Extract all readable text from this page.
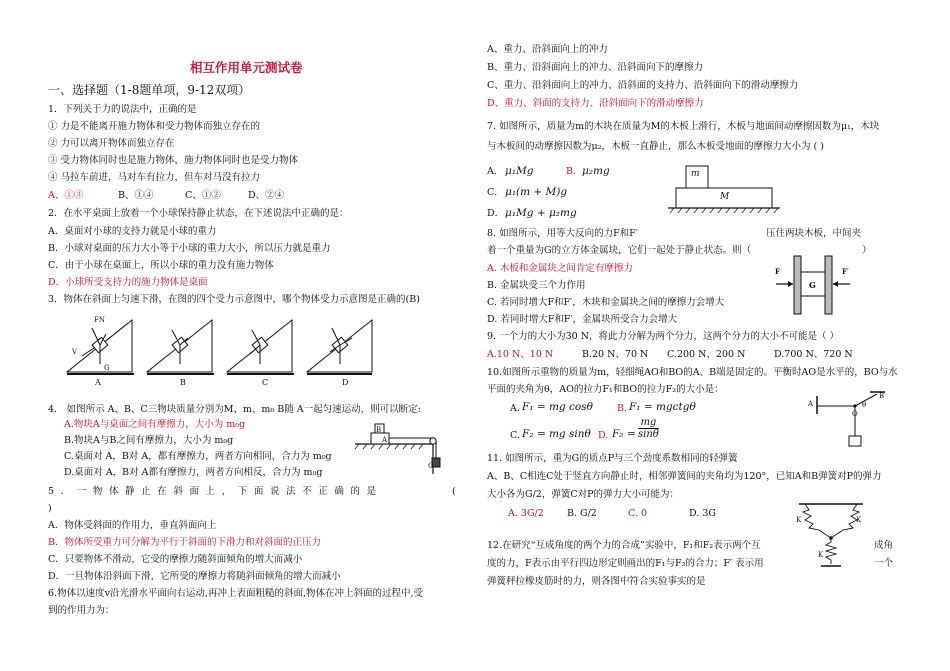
相互作用单元测试卷
一、选择题（1-8题单项，9-12双项）
1．下列关于力的说法中，正确的是
① 力是不能离开施力物体和受力物体而独立存在的
② 力可以离开物体而独立存在
③ 受力物体同时也是施力物体，施力物体同时也是受力物体
④ 马拉车前进，马对车有拉力，但车对马没有拉力
A、①③	B、①④	C、①②	D、②④
2．在水平桌面上放着一个小球保持静止状态，在下述说法中正确的是：
A．桌面对小球的支持力就是小球的重力
B．小球对桌面的压力大小等于小球的重力大小，所以压力就是重力
C．由于小球在桌面上，所以小球的重力没有施力物体
D．小球所受支持力的施力物体是桌面
3．物体在斜面上匀速下滑，在图的四个受力示意图中，哪个物体受力示意图是正确的(B)
FN
V
G
A	B	C	D
4． 如图所示 A、B、C三物块质量分别为M、m、m₀ B随 A一起匀速运动，则可以断定:
A.物块A与桌面之间有摩擦力，大小为 m₀g
B.物块A与B之间有摩擦力，大小为 m₀g
C.桌面对 A，B对 A，都有摩擦力，两者方向相同，合力为 m₀g
D.桌面对 A，B对 A都有摩擦力，两者方向相反，合力为 m₀g
B
A
C
5．一物体静止在斜面上，下面说法不正确的是	(
)
A．物体受斜面的作用力，垂直斜面向上
B．物体所受重力可分解为平行于斜面的下滑力和对斜面的正压力
C．只要物体不滑动，它受的摩擦力随斜面倾角的增大而减小
D．一旦物体沿斜面下滑，它所受的摩擦力将随斜面倾角的增大而减小
6.物体以速度v沿光滑水平面向右运动,再冲上表面粗糙的斜面,物体在冲上斜面的过程中,受
到的作用力为：
A、重力、沿斜面向上的冲力
B、重力、沿斜面向上的冲力、沿斜面向下的摩擦力
C、重力、沿斜面向上的冲力、沿斜面的支持力、沿斜面向下的滑动摩擦力
D、重力、斜面的支持力、沿斜面向下的滑动摩擦力
7. 如图所示，质量为m的木块在质量为M的木板上滑行，木板与地面间动摩擦因数为μ₁，木块
与木板间的动摩擦因数为μ₂，木板一直静止，那么木板受地面的摩擦力大小为 ( )
A． μ₁Mg	B． μ₂mg
C． μ₁(m + M)g
D． μ₁Mg + μ₂mg
m
M
8. 如图所示，用等大反向的力F和F′	压住两块木板，中间夹
着一个重量为G的立方体金属块，它们一起处于静止状态。则（	）
A. 木板和金属块之间肯定有摩擦力
B. 金属块受三个力作用
C. 若同时增大F和F′，木块和金属块之间的摩擦力会增大
D. 若同时增大F和F′，金属块所受合力会增大
F	F′
G
9. 一个力的大小为30 N，将此力分解为两个分力，这两个分力的大小不可能是（ ）
A.10 N、10 N	B.20 N、70 N C.200 N、200 N	D.700 N、720 N
10.如图所示重物的质量为m，轻细绳AO和BO的A、B端是固定的。平衡时AO是水平的，BO与水
平面的夹角为θ，AO的拉力F₁和BO的拉力F₂的大小是：
A. F₁ = mg cosθ	B. F₁ = mgctgθ
C. F₂ = mg sinθ D. $F_2 = \frac{mg}{\sin\theta}$
A
O
B
θ
11. 如图所示，重为G的质点P与三个劲度系数相同的轻弹簧
A、B、C相连C处于竖直方向静止时，相邻弹簧间的夹角均为120°，已知A和B弹簧对P的弹力
大小各为G/2，弹簧C对P的弹力大小可能为：
A. 3G/2 B. G/2	C. 0	D. 3G
K	K
K
12.在研究“互成角度的两个力的合成”实验中，F₁和F₂表示两个互	成角
度的力，F表示由平行四边形定则画出的F₁与F₂的合力；F′ 表示用	一个
弹簧秤拉橡皮筋时的力，则各图中符合实验事实的是
